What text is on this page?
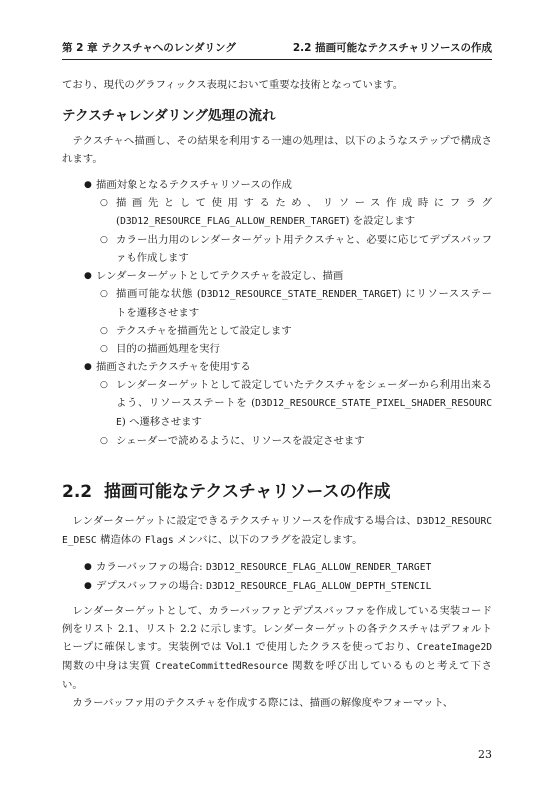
第 2 章 テクスチャへのレンダリング	2.2 描画可能なテクスチャリソースの作成

ており、現代のグラフィックス表現において重要な技術となっています。

テクスチャレンダリング処理の流れ

テクスチャへ描画し、その結果を利用する一連の処理は、以下のようなステップで構成されます。

● 描画対象となるテクスチャリソースの作成
○ 描画先として使用するため、リソース作成時にフラグ (D3D12_RESOURCE_FLAG_ALLOW_RENDER_TARGET) を設定します
○ カラー出力用のレンダーターゲット用テクスチャと、必要に応じてデプスバッファも作成します
● レンダーターゲットとしてテクスチャを設定し、描画
○ 描画可能な状態 (D3D12_RESOURCE_STATE_RENDER_TARGET) にリソースステートを遷移させます
○ テクスチャを描画先として設定します
○ 目的の描画処理を実行
● 描画されたテクスチャを使用する
○ レンダーターゲットとして設定していたテクスチャをシェーダーから利用出来るよう、リソースステートを (D3D12_RESOURCE_STATE_PIXEL_SHADER_RESOURCE) へ遷移させます
○ シェーダーで読めるように、リソースを設定させます
2.2 描画可能なテクスチャリソースの作成

レンダーターゲットに設定できるテクスチャリソースを作成する場合は、D3D12_RESOURCE_DESC 構造体の Flags メンバに、以下のフラグを設定します。

● カラーバッファの場合: D3D12_RESOURCE_FLAG_ALLOW_RENDER_TARGET
● デプスバッファの場合: D3D12_RESOURCE_FLAG_ALLOW_DEPTH_STENCIL

レンダーターゲットとして、カラーバッファとデプスバッファを作成している実装コード例をリスト 2.1、リスト 2.2 に示します。レンダーターゲットの各テクスチャはデフォルトヒープに確保します。実装例では Vol.1 で使用したクラスを使っており、CreateImage2D 関数の中身は実質 CreateCommittedResource 関数を呼び出しているものと考えて下さい。

カラーバッファ用のテクスチャを作成する際には、描画の解像度やフォーマット、

23
